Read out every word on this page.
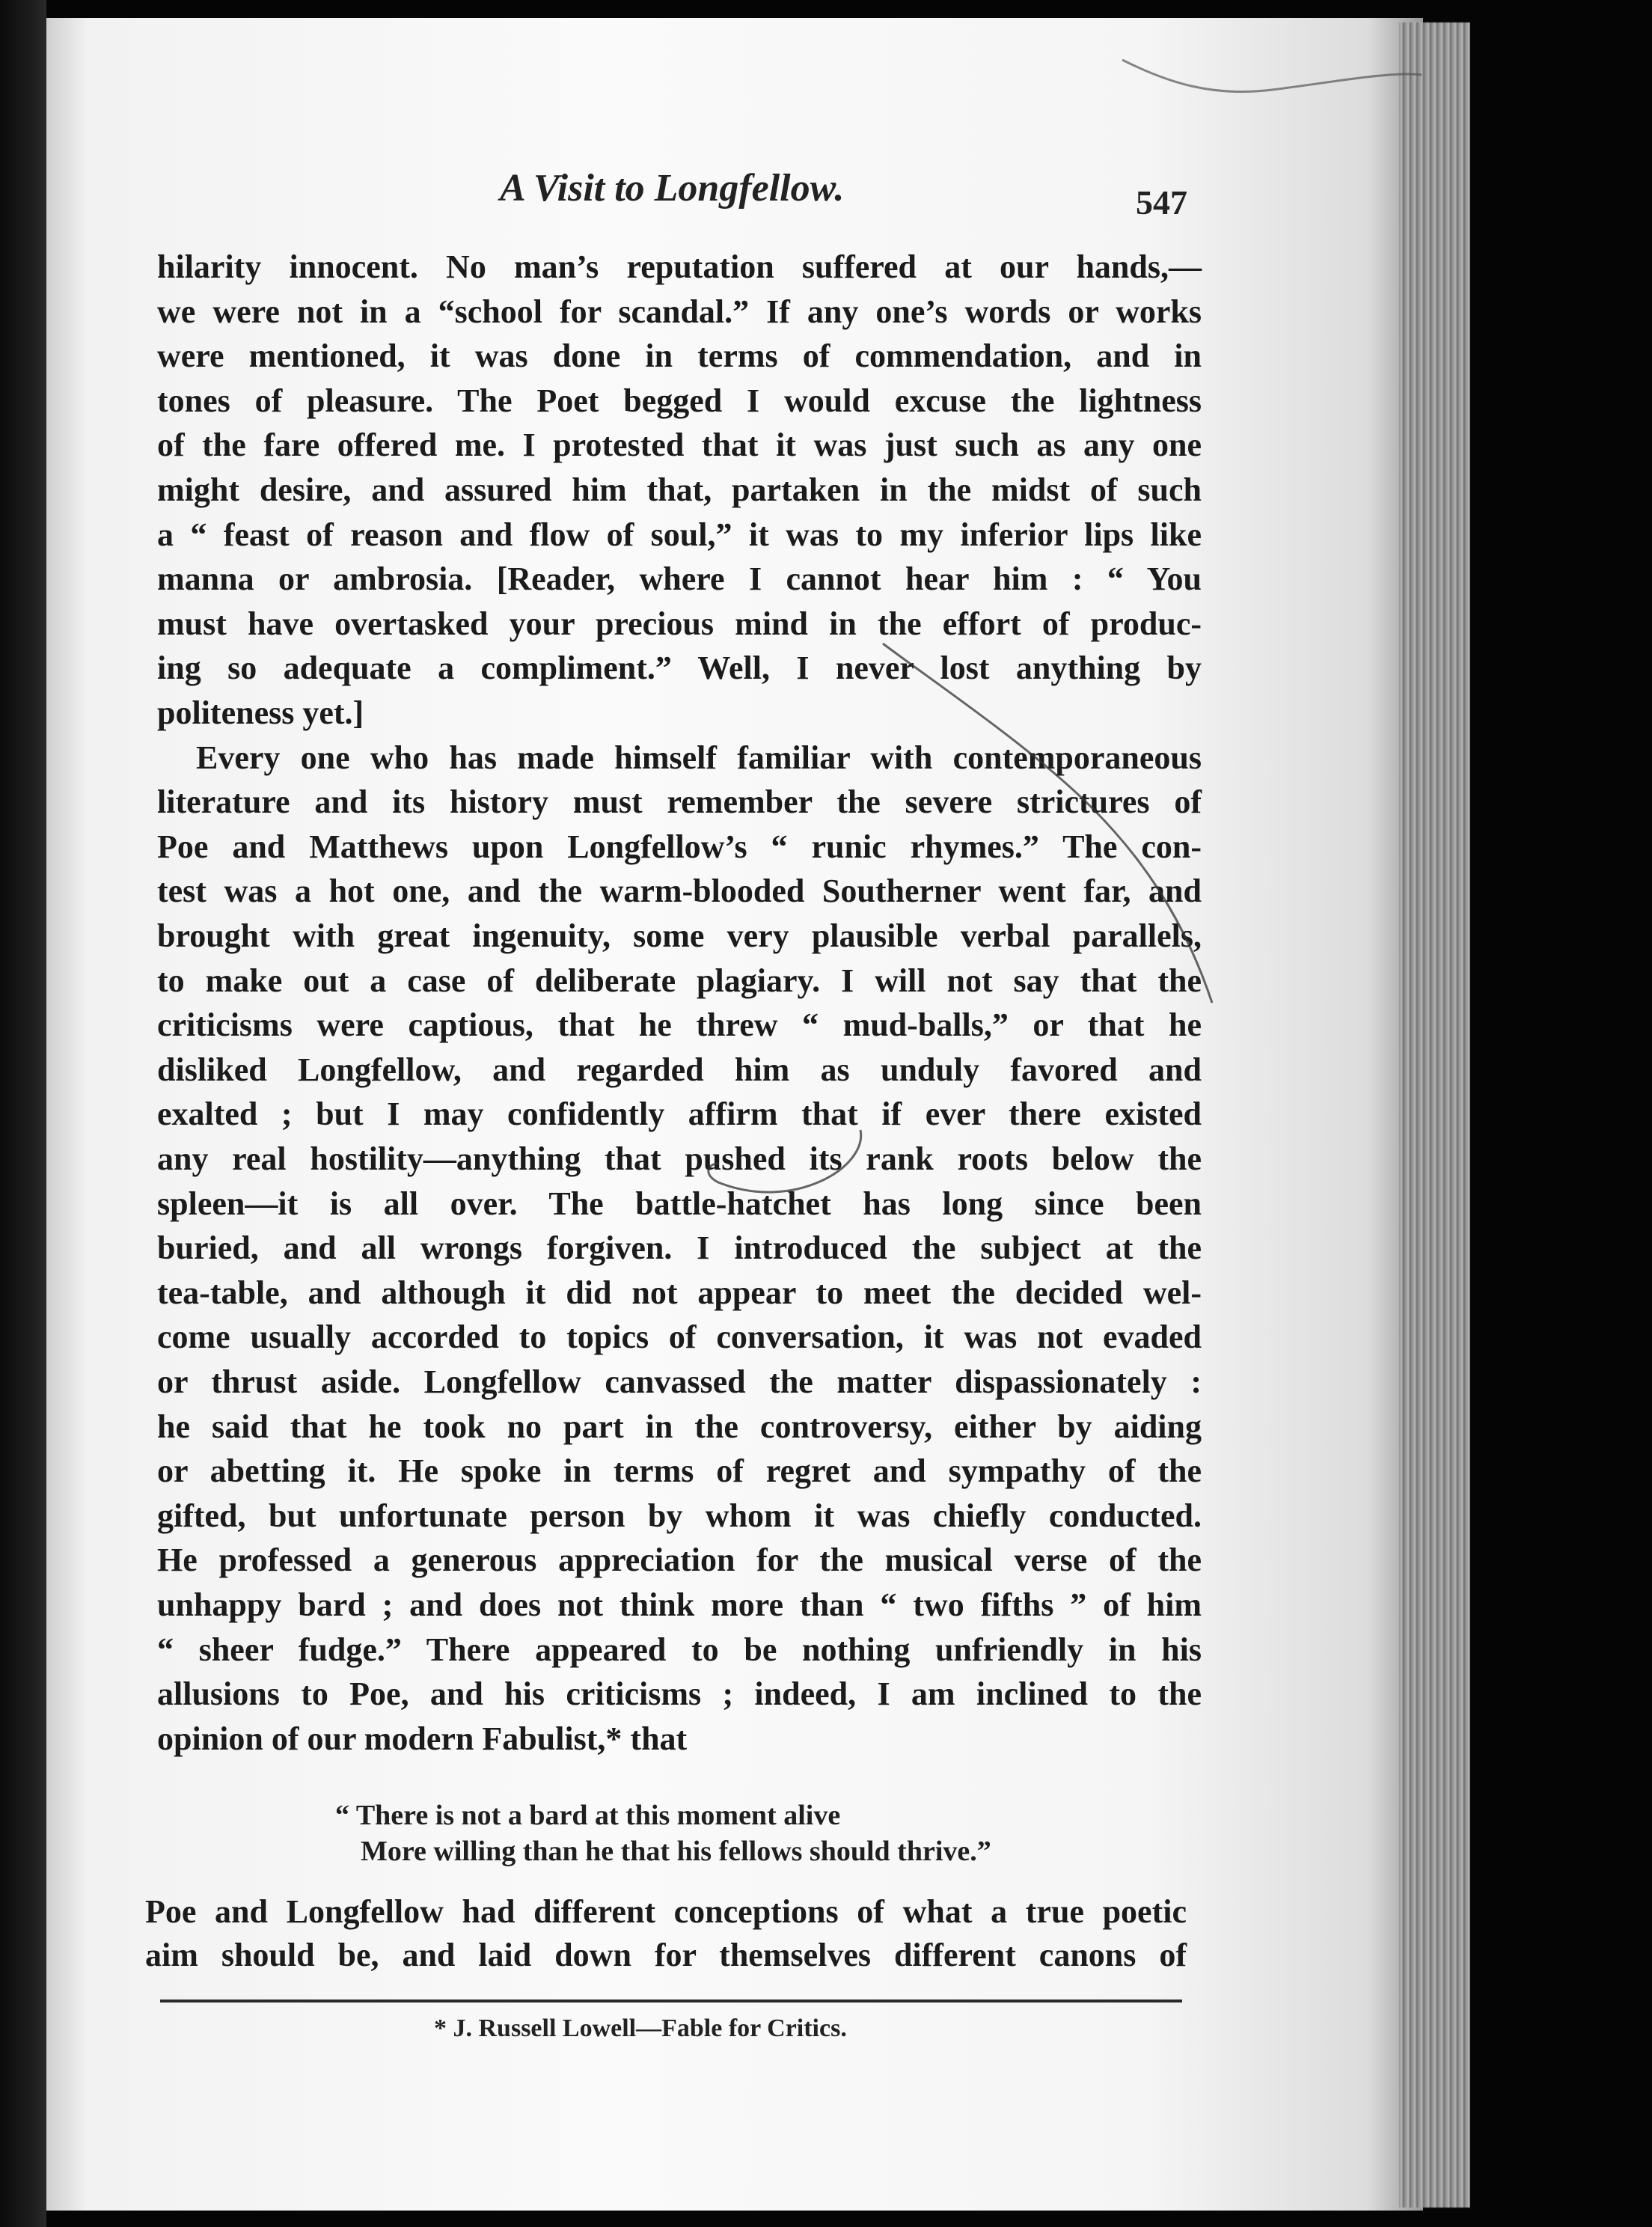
A Visit to Longfellow.	547
hilarity innocent. No man’s reputation suffered at our hands,—
we were not in a “school for scandal.” If any one’s words or works
were mentioned, it was done in terms of commendation, and in
tones of pleasure. The Poet begged I would excuse the lightness
of the fare offered me. I protested that it was just such as any one
might desire, and assured him that, partaken in the midst of such
a “ feast of reason and flow of soul,” it was to my inferior lips like
manna or ambrosia. [Reader, where I cannot hear him : “ You
must have overtasked your precious mind in the effort of produc-
ing so adequate a compliment.” Well, I never lost anything by
politeness yet.]
Every one who has made himself familiar with contemporaneous
literature and its history must remember the severe strictures of
Poe and Matthews upon Longfellow’s “ runic rhymes.” The con-
test was a hot one, and the warm-blooded Southerner went far, and
brought with great ingenuity, some very plausible verbal parallels,
to make out a case of deliberate plagiary. I will not say that the
criticisms were captious, that he threw “ mud-balls,” or that he
disliked Longfellow, and regarded him as unduly favored and
exalted ; but I may confidently affirm that if ever there existed
any real hostility—anything that pushed its rank roots below the
spleen—it is all over. The battle-hatchet has long since been
buried, and all wrongs forgiven. I introduced the subject at the
tea-table, and although it did not appear to meet the decided wel-
come usually accorded to topics of conversation, it was not evaded
or thrust aside. Longfellow canvassed the matter dispassionately :
he said that he took no part in the controversy, either by aiding
or abetting it. He spoke in terms of regret and sympathy of the
gifted, but unfortunate person by whom it was chiefly conducted.
He professed a generous appreciation for the musical verse of the
unhappy bard ; and does not think more than “ two fifths ” of him
“ sheer fudge.” There appeared to be nothing unfriendly in his
allusions to Poe, and his criticisms ; indeed, I am inclined to the
opinion of our modern Fabulist,* that
“ There is not a bard at this moment alive
More willing than he that his fellows should thrive.”
Poe and Longfellow had different conceptions of what a true poetic
aim should be, and laid down for themselves different canons of
* J. Russell Lowell—Fable for Critics.
